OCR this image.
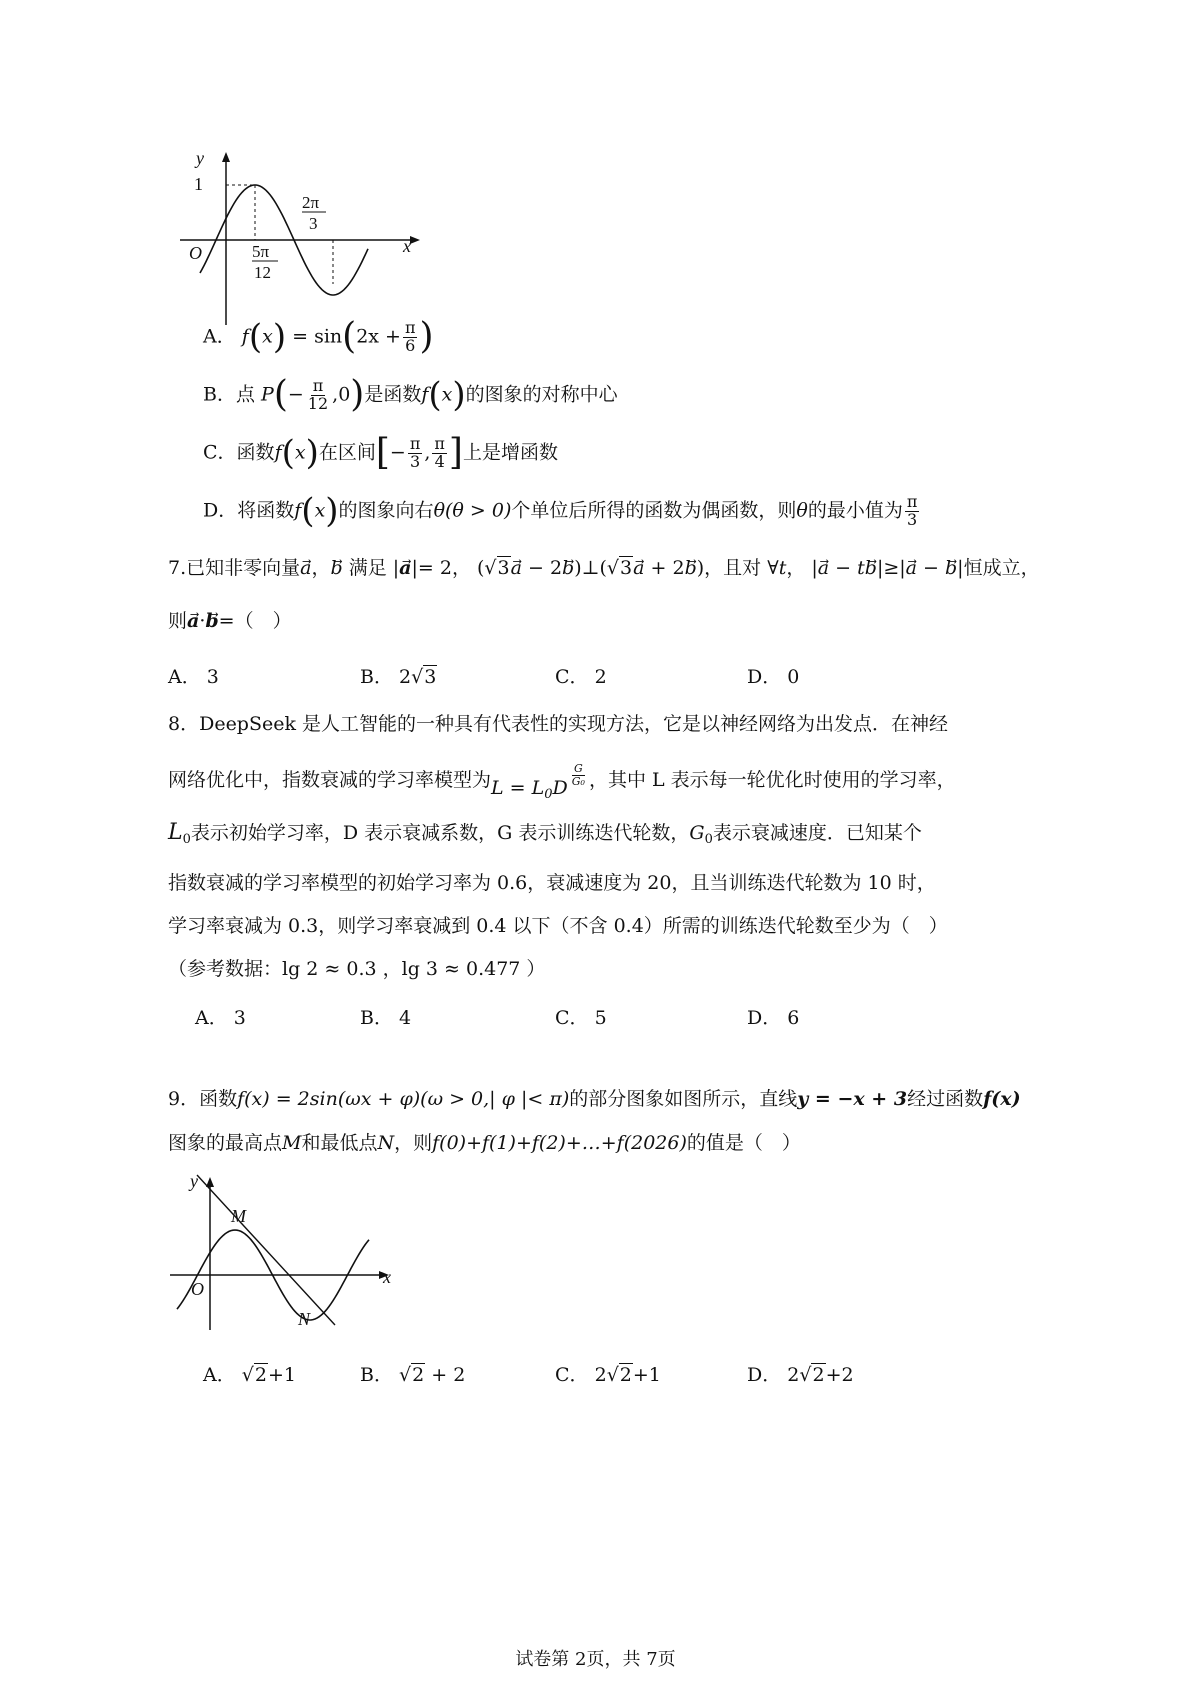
y
x
1
O	5π
12
2π
3
A． $f(x) = \sin(2x + \frac{\pi}{6}$ )
B．点 $P(- \frac{\pi}{12} ,0)$是函数f(x)的图象的对称中心
C．函数f(x)在区间[− $\frac{\pi}{3}$ , $\frac{\pi}{4}$ ]上是增函数
D．将函数f(x)的图象向右θ(θ > 0)个单位后所得的函数为偶函数，则θ的最小值为 $\frac{\pi}{3}$
7.已知非零向量a，b⃗ 满足 |a⃗|= 2， (√3a⃗ − 2b⃗)⊥(√3a⃗ + 2b⃗)，且对 ∀t， |a − tb⃗|≥|a − b⃗|恒成立，
则a·b=（　）
A． 3	B． 2√3	C． 2	D． 0
8．DeepSeek 是人工智能的一种具有代表性的实现方法，它是以神经网络为出发点．在神经
网络优化中，指数衰减的学习率模型为$L = L_0D$
$\frac{G}{\text{G₀}}$ ，其中 L 表示每一轮优化时使用的学习率，
$L_0$表示初始学习率，D 表示衰减系数，G 表示训练迭代轮数，$G_0$表示衰减速度．已知某个
指数衰减的学习率模型的初始学习率为 0.6，衰减速度为 20，且当训练迭代轮数为 10 时，
学习率衰减为 0.3，则学习率衰减到 0.4 以下（不含 0.4）所需的训练迭代轮数至少为（　）
（参考数据：lg 2 ≈ 0.3 ，lg 3 ≈ 0.477 ）
A． 3	B． 4	C． 5	D． 6
9．函数f(x) = 2sin(ωx + φ)(ω > 0,| φ |< π)的部分图象如图所示，直线y = −x + 3经过函数f(x)
图象的最高点M和最低点N，则f(0)+f(1)+f(2)+…+f(2026)的值是（　）
y
x
O
M
N
A． √2+1	B． √2 + 2	C． 2√2+1	D． 2√2+2
试卷第 2页，共 7页
